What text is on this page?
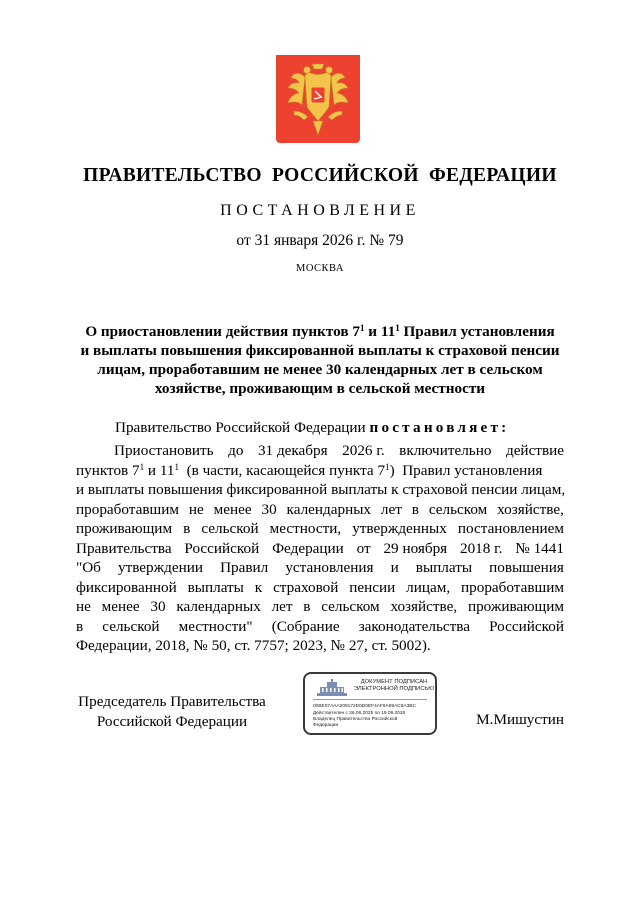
ПРАВИТЕЛЬСТВО РОССИЙСКОЙ ФЕДЕРАЦИИ
ПОСТАНОВЛЕНИЕ
от 31 января 2026 г. № 79
МОСКВА
О приостановлении действия пунктов $7^1$ и $11^1$ Правил установления
и выплаты повышения фиксированной выплаты к страховой пенсии
лицам, проработавшим не менее 30 календарных лет в сельском
хозяйстве, проживающим в сельской местности
Правительство Российской Федерации постановляет:
Приостановить до 31 декабря 2026 г. включительно действие
пунктов $7^1$ и $11^1$  (в части, касающейся пункта $7^1$)  Правил установления
и выплаты повышения фиксированной выплаты к страховой пенсии лицам,
проработавшим не менее 30 календарных лет в сельском хозяйстве,
проживающим в сельской местности, утвержденных постановлением
Правительства Российской Федерации от 29 ноября 2018 г. № 1441
"Об утверждении Правил установления и выплаты повышения
фиксированной выплаты к страховой пенсии лицам, проработавшим
не менее 30 календарных лет в сельском хозяйстве, проживающим
в сельской местности" (Собрание законодательства Российской
Федерации, 2018, № 50, ст. 7757; 2023, № 27, ст. 5002).
Председатель Правительства
Российской Федерации
ДОКУМЕНТ ПОДПИСАН
ЭЛЕКТРОННОЙ ПОДПИСЬЮ
00BE07AAA209172D0D0EF4AF8A69AC8A3BC
Действителен с 26.06.2025 по 19.09.2026
Владелец Правительство Российской
Федерации	М.Мишустин
